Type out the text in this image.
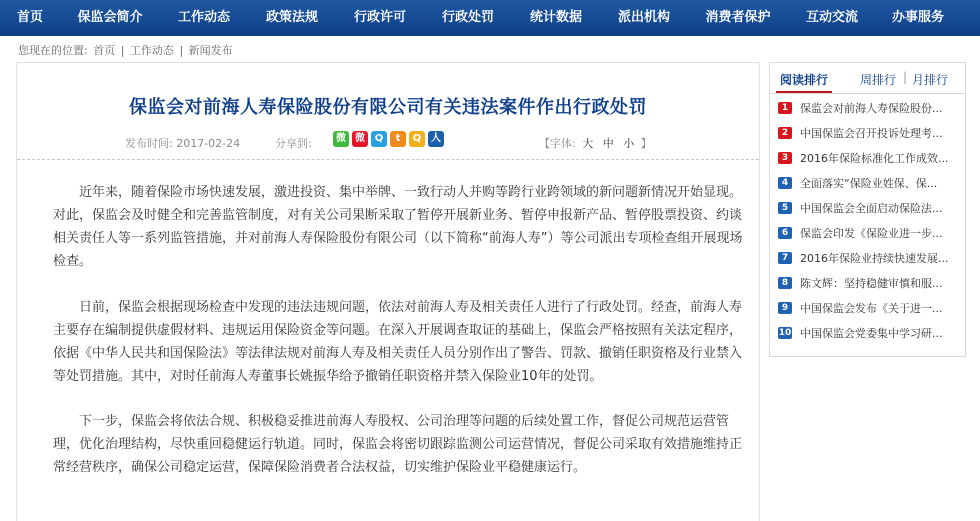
首页	保监会简介	工作动态	政策法规	行政许可	行政处罚	统计数据	派出机构	消费者保护	互动交流	办事服务
您现在的位置: 首页 | 工作动态 | 新闻发布
保监会对前海人寿保险股份有限公司有关违法案件作出行政处罚
发布时间: 2017-02-24	分享到:	微 微 Q	t	Q 人	【字体: 大 中 小 】

近年来，随着保险市场快速发展，激进投资、集中举牌、一致行动人并购等跨行业跨领域的新问题新情况开始显现。对此，保监会及时健全和完善监管制度，对有关公司果断采取了暂停开展新业务、暂停申报新产品、暂停股票投资、约谈相关责任人等一系列监管措施，并对前海人寿保险股份有限公司（以下简称“前海人寿”）等公司派出专项检查组开展现场检查。

日前，保监会根据现场检查中发现的违法违规问题，依法对前海人寿及相关责任人进行了行政处罚。经查，前海人寿主要存在编制提供虚假材料、违规运用保险资金等问题。在深入开展调查取证的基础上，保监会严格按照有关法定程序，依据《中华人民共和国保险法》等法律法规对前海人寿及相关责任人员分别作出了警告、罚款、撤销任职资格及行业禁入等处罚措施。其中，对时任前海人寿董事长姚振华给予撤销任职资格并禁入保险业10年的处罚。

下一步，保监会将依法合规、积极稳妥推进前海人寿股权、公司治理等问题的后续处置工作，督促公司规范运营管理，优化治理结构，尽快重回稳健运行轨道。同时，保监会将密切跟踪监测公司运营情况，督促公司采取有效措施维持正常经营秩序，确保公司稳定运营，保障保险消费者合法权益，切实维护保险业平稳健康运行。

阅读排行	周排行 | 月排行
1	保监会对前海人寿保险股份...
2	中国保监会召开投诉处理考...
3	2016年保险标准化工作成效...
4	全面落实“保险业姓保、保...
5	中国保监会全面启动保险法...
6	保监会印发《保险业进一步...
7	2016年保险业持续快速发展...
8	陈文辉：坚持稳健审慎和服...
9	中国保监会发布《关于进一...
10 中国保监会党委集中学习研...
